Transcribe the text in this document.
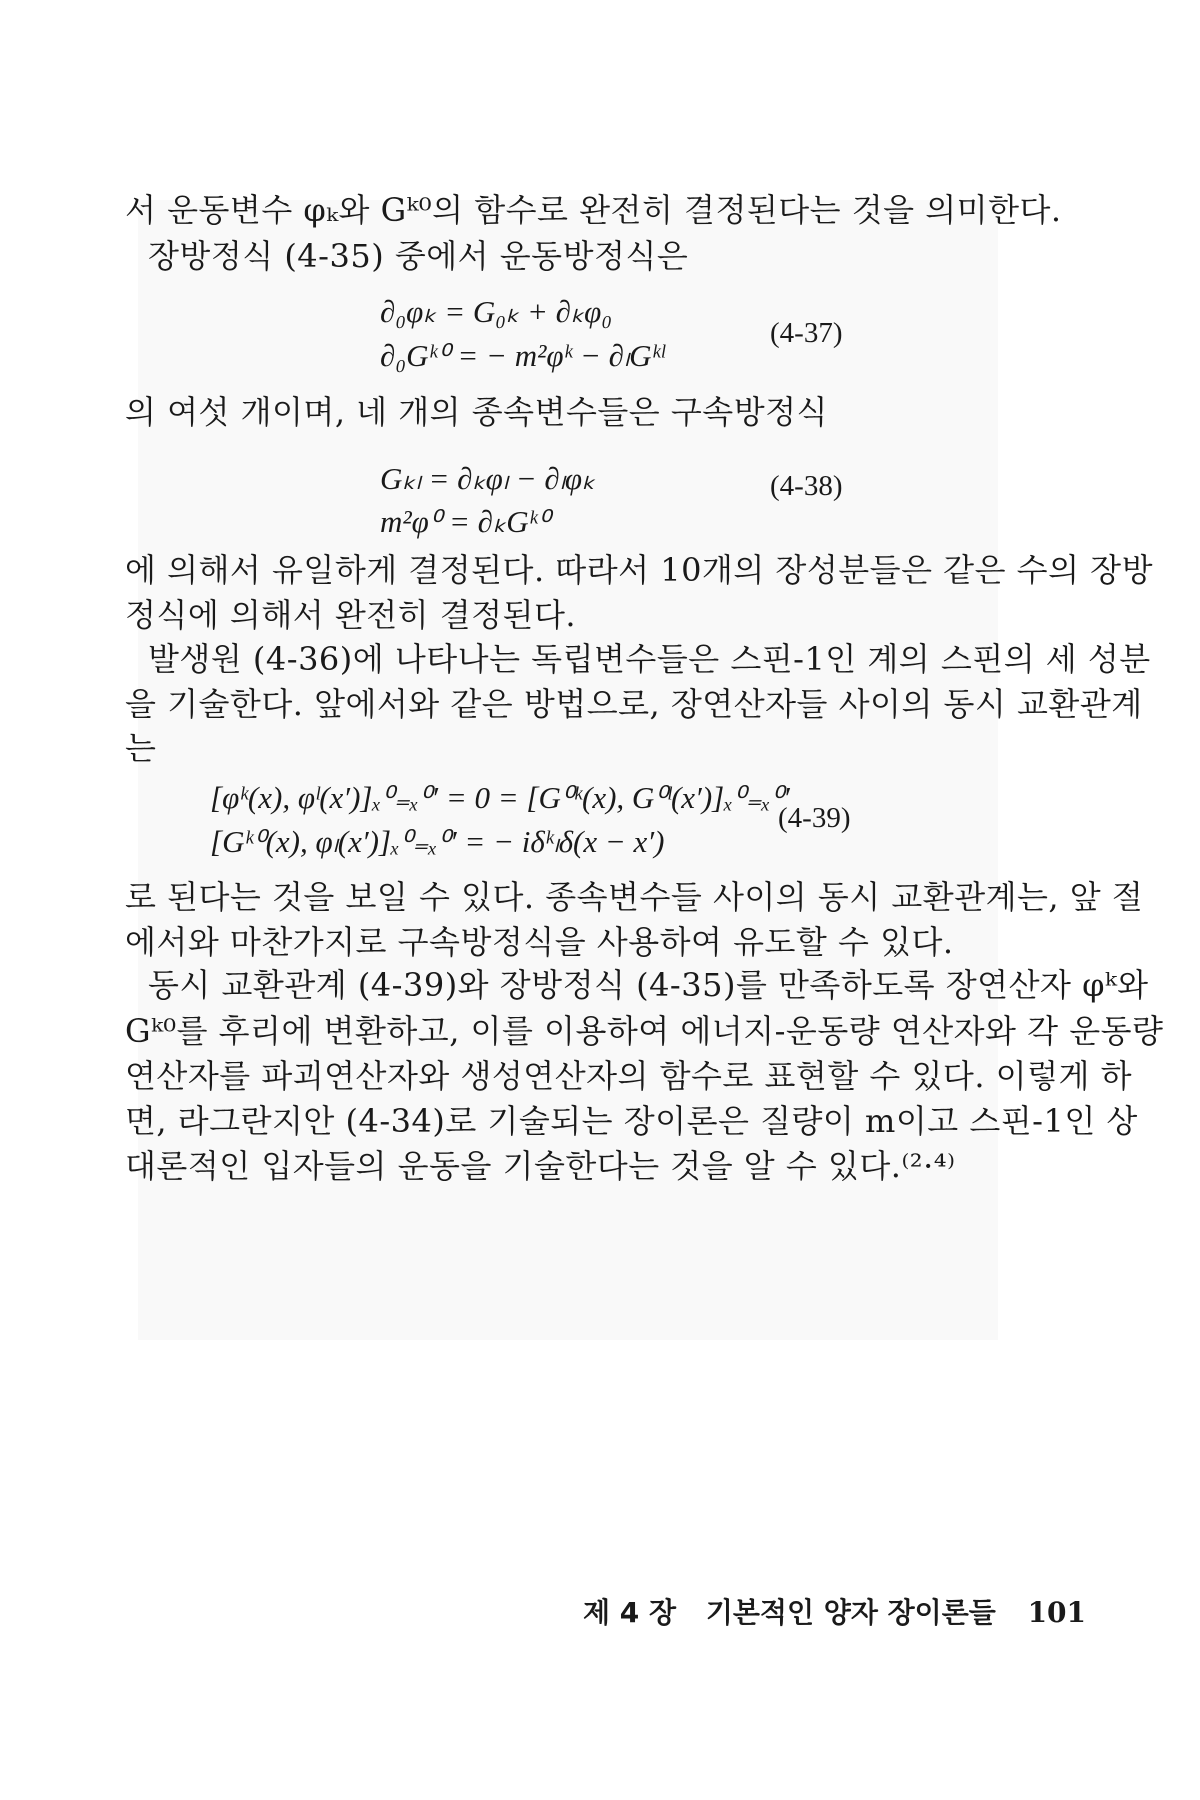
서 운동변수 φₖ와 Gᵏ⁰의 함수로 완전히 결정된다는 것을 의미한다.
장방정식 (4-35) 중에서 운동방정식은
∂₀φₖ = G₀ₖ + ∂ₖφ₀
∂₀Gᵏ⁰ = − m²φᵏ − ∂ₗGᵏˡ
(4-37)
의 여섯 개이며, 네 개의 종속변수들은 구속방정식
Gₖₗ = ∂ₖφₗ − ∂ₗφₖ
m²φ⁰ = ∂ₖGᵏ⁰
(4-38)
에 의해서 유일하게 결정된다. 따라서 10개의 장성분들은 같은 수의 장방
정식에 의해서 완전히 결정된다.
발생원 (4-36)에 나타나는 독립변수들은 스핀-1인 계의 스핀의 세 성분
을 기술한다. 앞에서와 같은 방법으로, 장연산자들 사이의 동시 교환관계
는
[φᵏ(x), φˡ(x′)]ₓ⁰₌ₓ⁰′ = 0 = [G⁰ᵏ(x), G⁰ˡ(x′)]ₓ⁰₌ₓ⁰′
[Gᵏ⁰(x), φₗ(x′)]ₓ⁰₌ₓ⁰′ = − iδᵏₗδ(x − x′)
(4-39)
로 된다는 것을 보일 수 있다. 종속변수들 사이의 동시 교환관계는, 앞 절
에서와 마찬가지로 구속방정식을 사용하여 유도할 수 있다.
동시 교환관계 (4-39)와 장방정식 (4-35)를 만족하도록 장연산자 φᵏ와
Gᵏ⁰를 후리에 변환하고, 이를 이용하여 에너지-운동량 연산자와 각 운동량
연산자를 파괴연산자와 생성연산자의 함수로 표현할 수 있다. 이렇게 하
면, 라그란지안 (4-34)로 기술되는 장이론은 질량이 m이고 스핀-1인 상
대론적인 입자들의 운동을 기술한다는 것을 알 수 있다.⁽²·⁴⁾
제 4 장 기본적인 양자 장이론들 101
